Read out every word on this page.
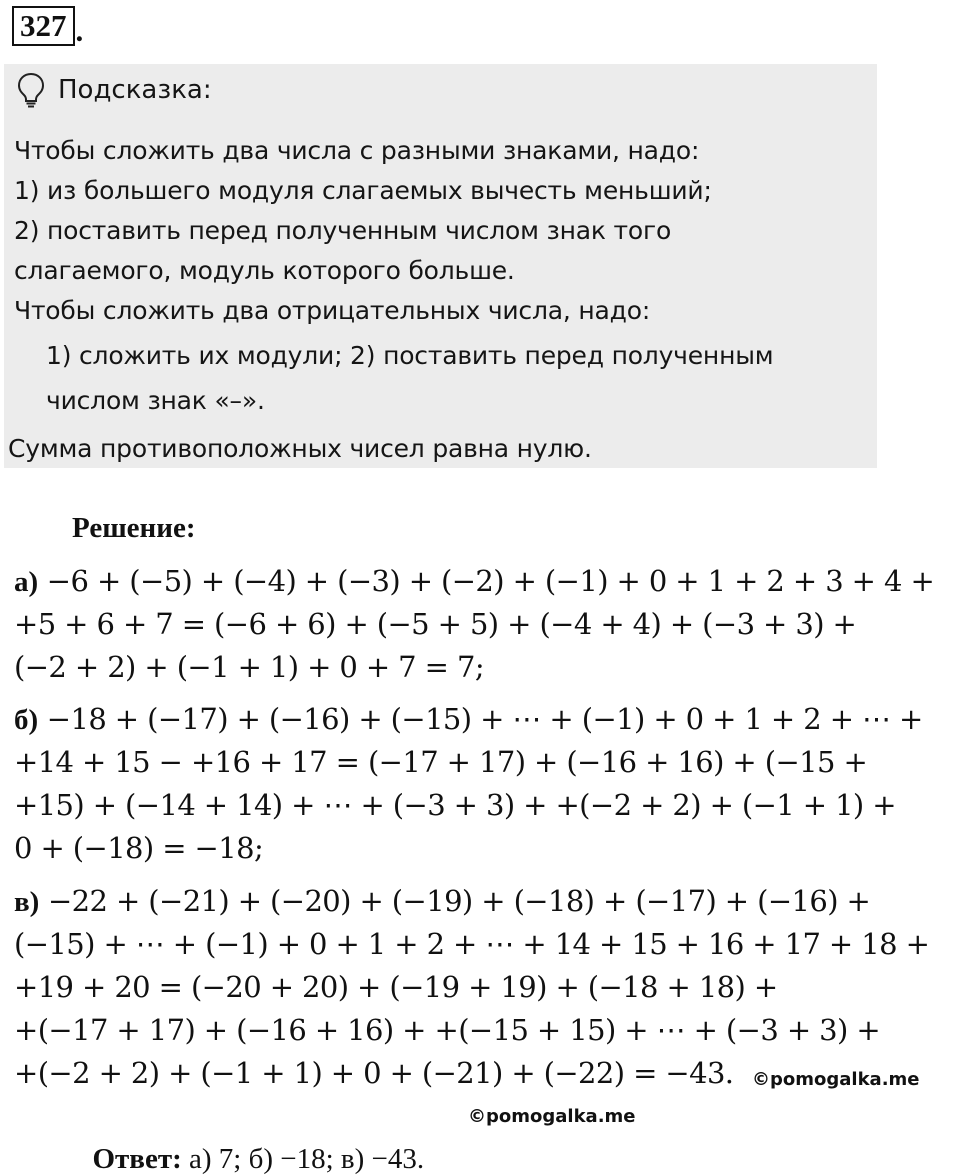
327 .
Подсказка:
Чтобы сложить два числа с разными знаками, надо:
1) из большего модуля слагаемых вычесть меньший;
2) поставить перед полученным числом знак того
слагаемого, модуль которого больше.
Чтобы сложить два отрицательных числа, надо:
1) сложить их модули; 2) поставить перед полученным
числом знак «–».
Сумма противоположных чисел равна нулю.
Решение:
а) −6 + (−5) + (−4) + (−3) + (−2) + (−1) + 0 + 1 + 2 + 3 + 4 +
+5 + 6 + 7 = (−6 + 6) + (−5 + 5) + (−4 + 4) + (−3 + 3) +
(−2 + 2) + (−1 + 1) + 0 + 7 = 7;
б) −18 + (−17) + (−16) + (−15) + ⋯ + (−1) + 0 + 1 + 2 + ⋯ +
+14 + 15 − +16 + 17 = (−17 + 17) + (−16 + 16) + (−15 +
+15) + (−14 + 14) + ⋯ + (−3 + 3) + +(−2 + 2) + (−1 + 1) +
0 + (−18) = −18;
в) −22 + (−21) + (−20) + (−19) + (−18) + (−17) + (−16) +
(−15) + ⋯ + (−1) + 0 + 1 + 2 + ⋯ + 14 + 15 + 16 + 17 + 18 +
+19 + 20 = (−20 + 20) + (−19 + 19) + (−18 + 18) +
+(−17 + 17) + (−16 + 16) + +(−15 + 15) + ⋯ + (−3 + 3) +
+(−2 + 2) + (−1 + 1) + 0 + (−21) + (−22) = −43. ©pomogalka.me
©pomogalka.me

Ответ: а) 7; б) −18; в) −43.
